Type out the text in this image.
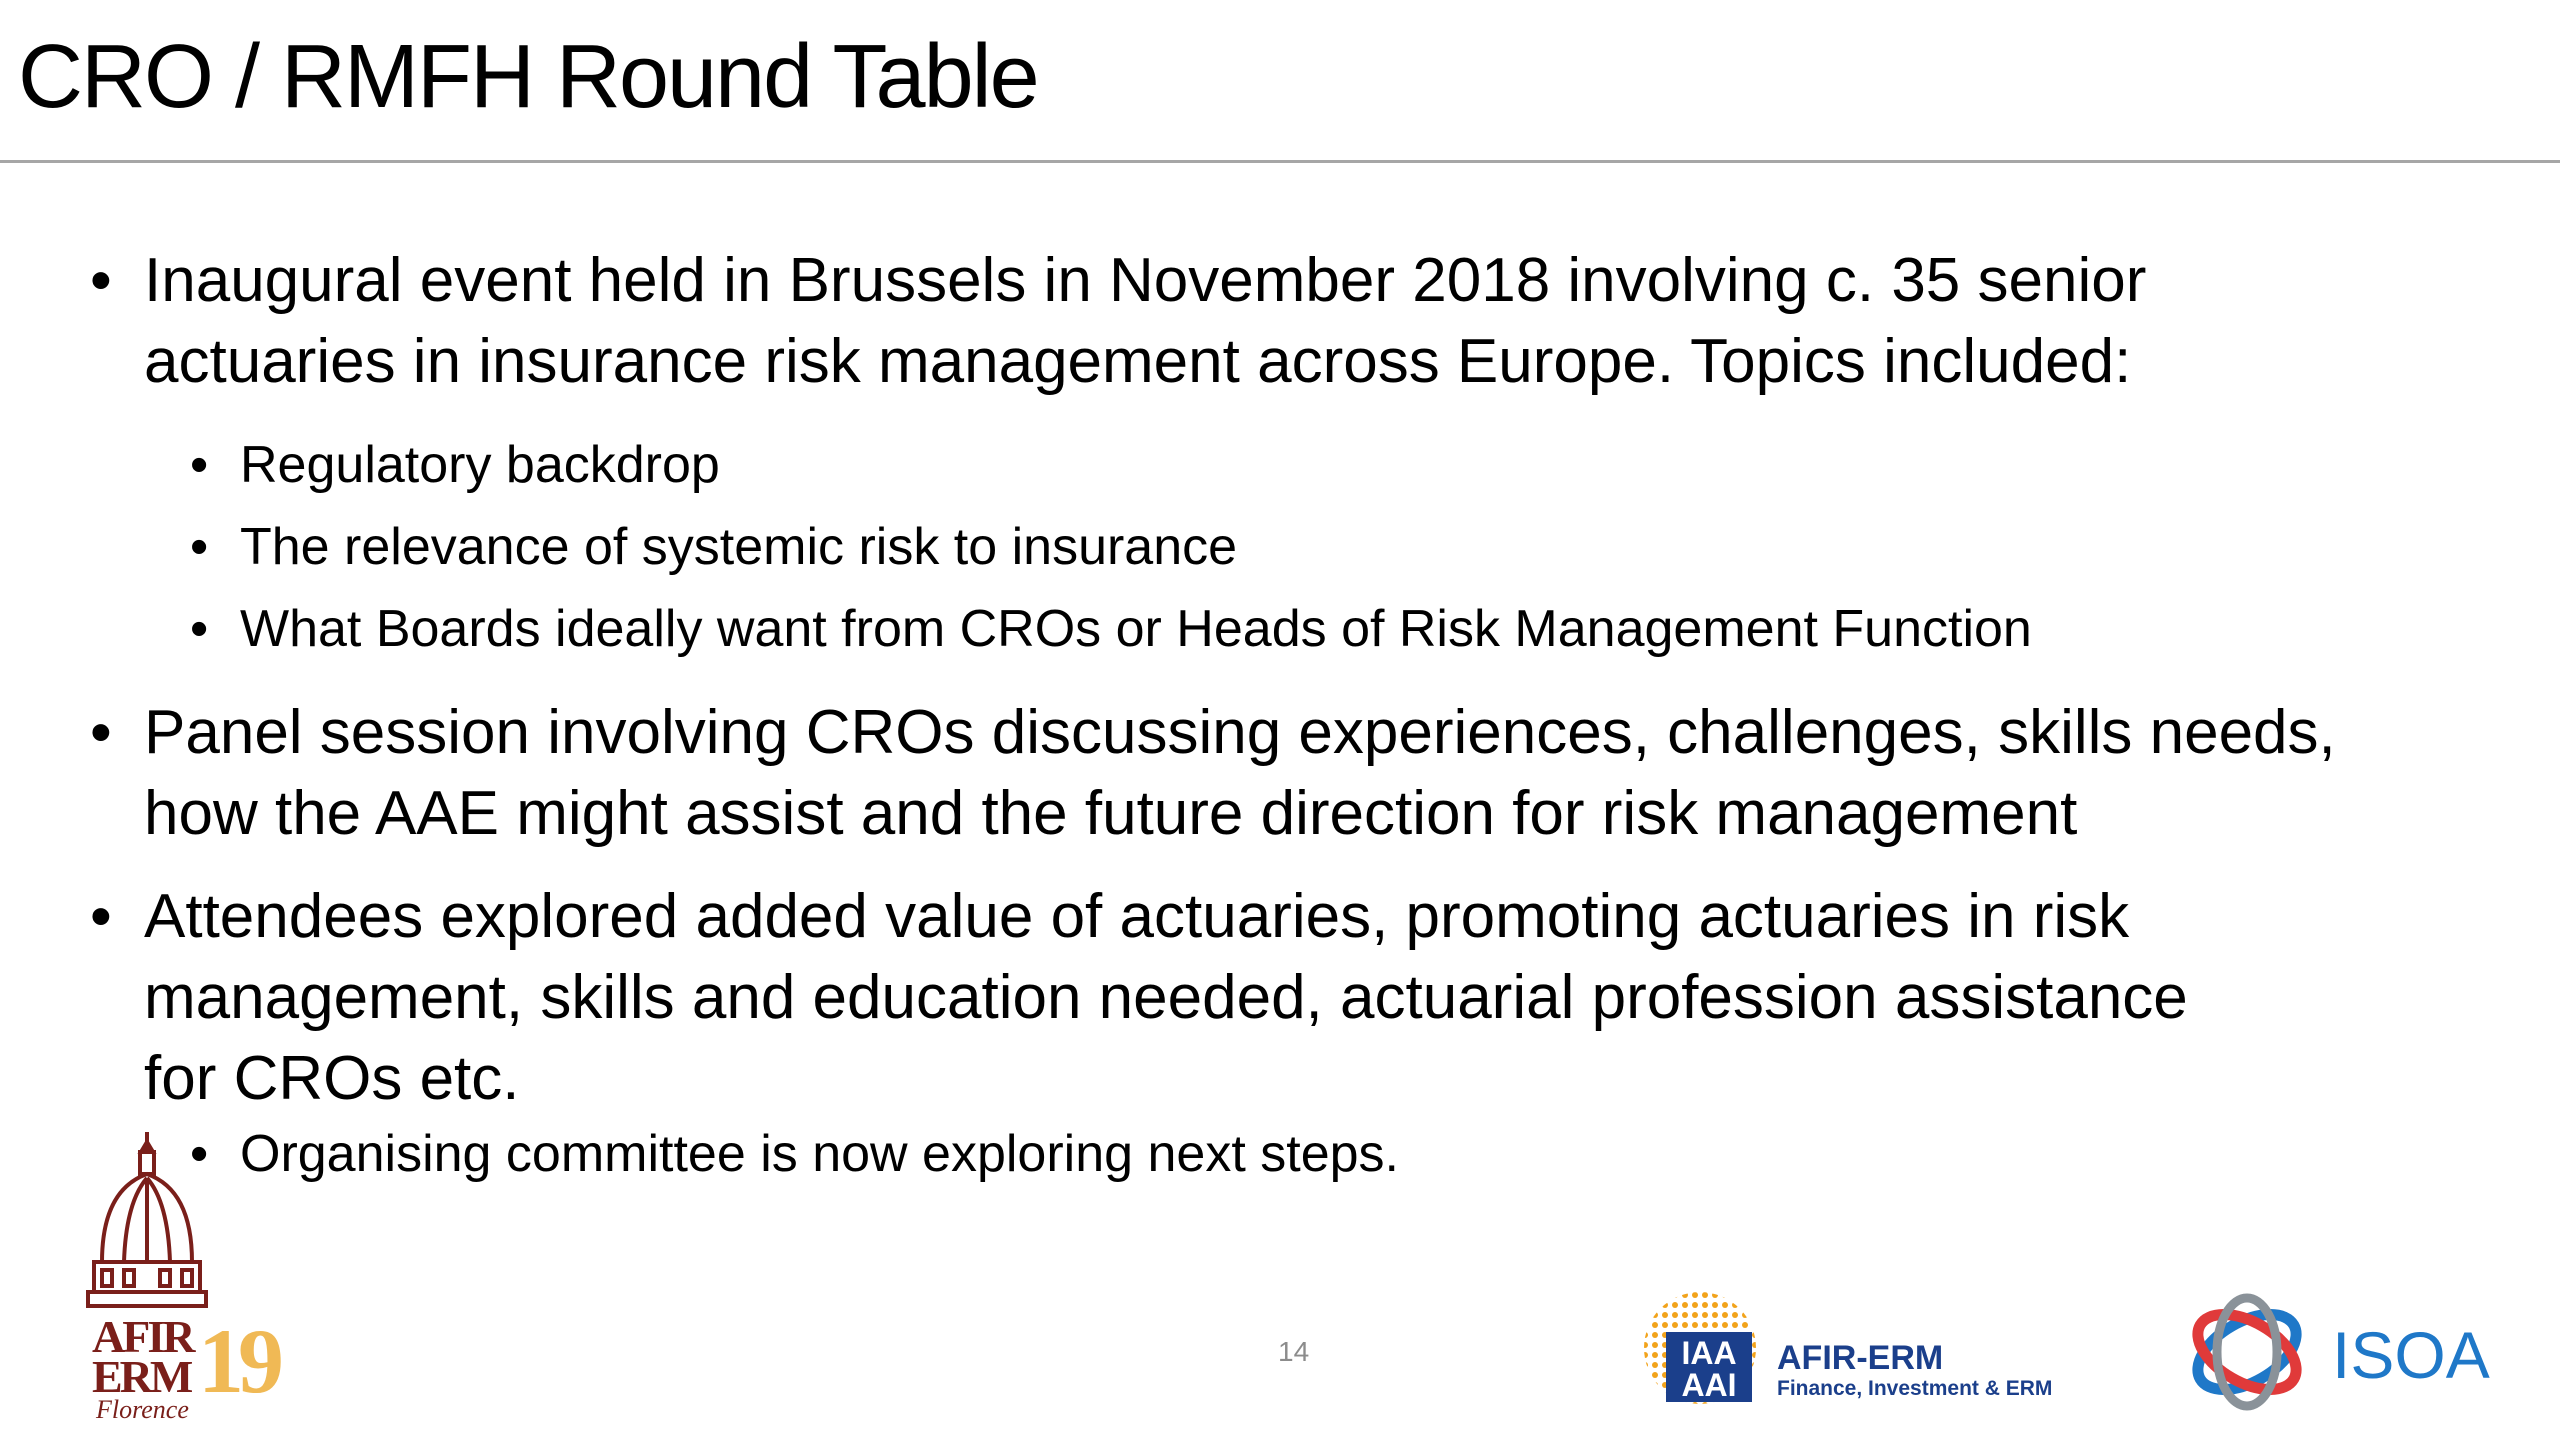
CRO / RMFH Round Table
• Inaugural event held in Brussels in November 2018 involving c. 35 senior
actuaries in insurance risk management across Europe. Topics included:
• Regulatory backdrop
• The relevance of systemic risk to insurance
• What Boards ideally want from CROs or Heads of Risk Management Function
• Panel session involving CROs discussing experiences, challenges, skills needs,
how the AAE might assist and the future direction for risk management
• Attendees explored added value of actuaries, promoting actuaries in risk
management, skills and education needed, actuarial profession assistance
for CROs etc.
• Organising committee is now exploring next steps.
14
AFIR
ERM 19
Florence
IAA
AAI
AFIR-ERM
Finance, Investment & ERM	ISOA
